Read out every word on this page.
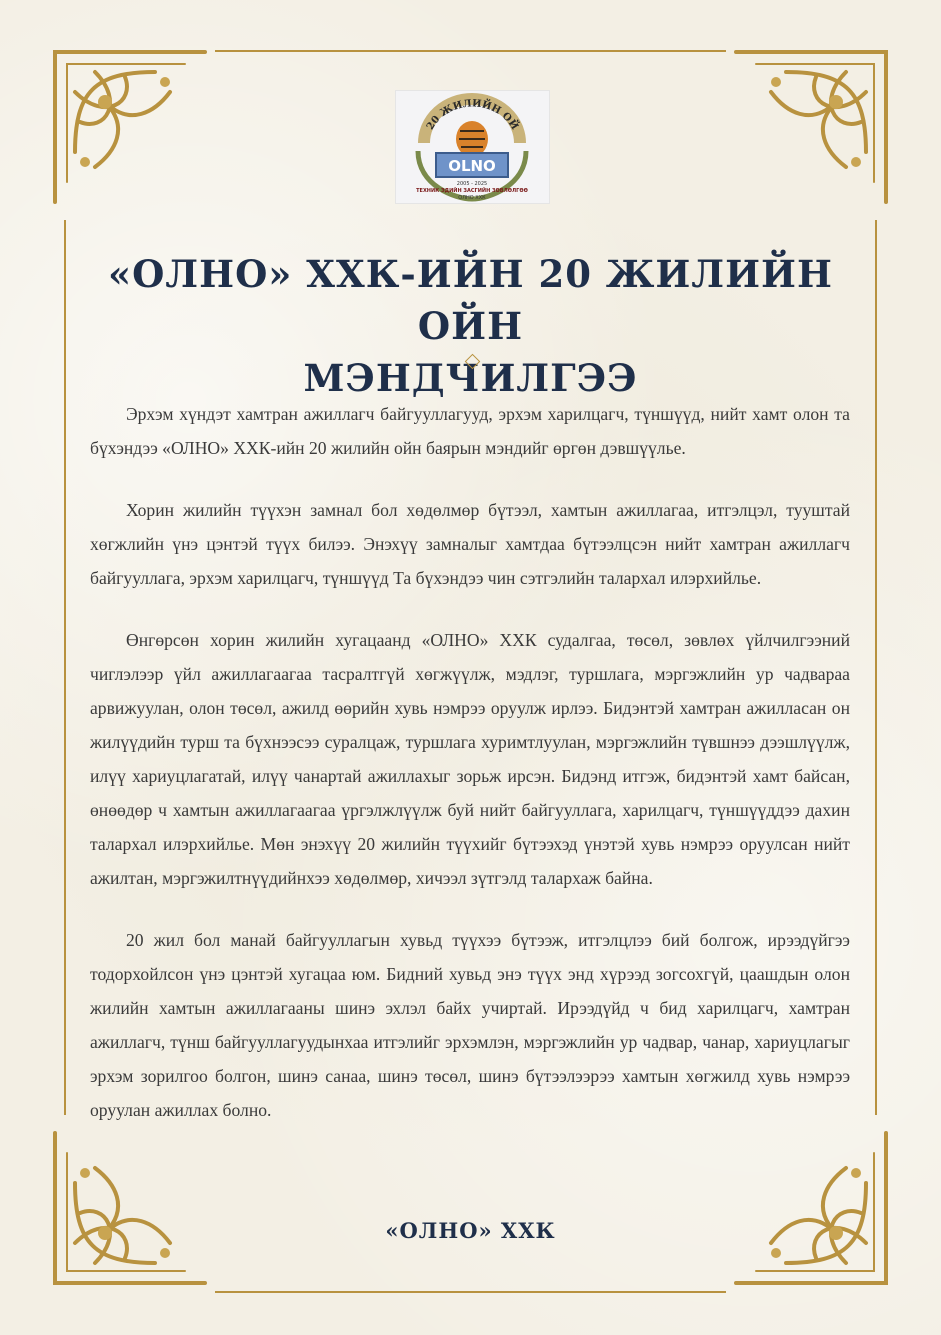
20 ЖИЛИЙН ОЙ
OLNO
2005 - 2025
ТЕХНИК ЭДИЙН ЗАСГИЙН ЗӨВЛӨЛГӨӨ
ОЛНО ХХК
«ОЛНО» ХХК-ИЙН 20 ЖИЛИЙН ОЙН
МЭНДЧИЛГЭЭ

Эрхэм хүндэт хамтран ажиллагч байгууллагууд, эрхэм харилцагч, түншүүд, нийт хамт олон та бүхэндээ «ОЛНО» ХХК-ийн 20 жилийн ойн баярын мэндийг өргөн дэвшүүлье.

Хорин жилийн түүхэн замнал бол хөдөлмөр бүтээл, хамтын ажиллагаа, итгэлцэл, тууштай хөгжлийн үнэ цэнтэй түүх билээ. Энэхүү замналыг хамтдаа бүтээлцсэн нийт хамтран ажиллагч байгууллага, эрхэм харилцагч, түншүүд Та бүхэндээ чин сэтгэлийн талархал илэрхийлье.

Өнгөрсөн хорин жилийн хугацаанд «ОЛНО» ХХК судалгаа, төсөл, зөвлөх үйлчилгээний чиглэлээр үйл ажиллагаагаа тасралтгүй хөгжүүлж, мэдлэг, туршлага, мэргэжлийн ур чадвараа арвижуулан, олон төсөл, ажилд өөрийн хувь нэмрээ оруулж ирлээ. Бидэнтэй хамтран ажилласан он жилүүдийн турш та бүхнээсээ суралцаж, туршлага хуримтлуулан, мэргэжлийн түвшнээ дээшлүүлж, илүү хариуцлагатай, илүү чанартай ажиллахыг зорьж ирсэн. Бидэнд итгэж, бидэнтэй хамт байсан, өнөөдөр ч хамтын ажиллагаагаа үргэлжлүүлж буй нийт байгууллага, харилцагч, түншүүддээ дахин талархал илэрхийлье. Мөн энэхүү 20 жилийн түүхийг бүтээхэд үнэтэй хувь нэмрээ оруулсан нийт ажилтан, мэргэжилтнүүдийнхээ хөдөлмөр, хичээл зүтгэлд талархаж байна.

20 жил бол манай байгууллагын хувьд түүхээ бүтээж, итгэлцлээ бий болгож, ирээдүйгээ тодорхойлсон үнэ цэнтэй хугацаа юм. Бидний хувьд энэ түүх энд хүрээд зогсохгүй, цаашдын олон жилийн хамтын ажиллагааны шинэ эхлэл байх учиртай. Ирээдүйд ч бид харилцагч, хамтран ажиллагч, түнш байгууллагуудынхаа итгэлийг эрхэмлэн, мэргэжлийн ур чадвар, чанар, хариуцлагыг эрхэм зорилгоо болгон, шинэ санаа, шинэ төсөл, шинэ бүтээлээрээ хамтын хөгжилд хувь нэмрээ оруулан ажиллах болно.

«ОЛНО» ХХК
